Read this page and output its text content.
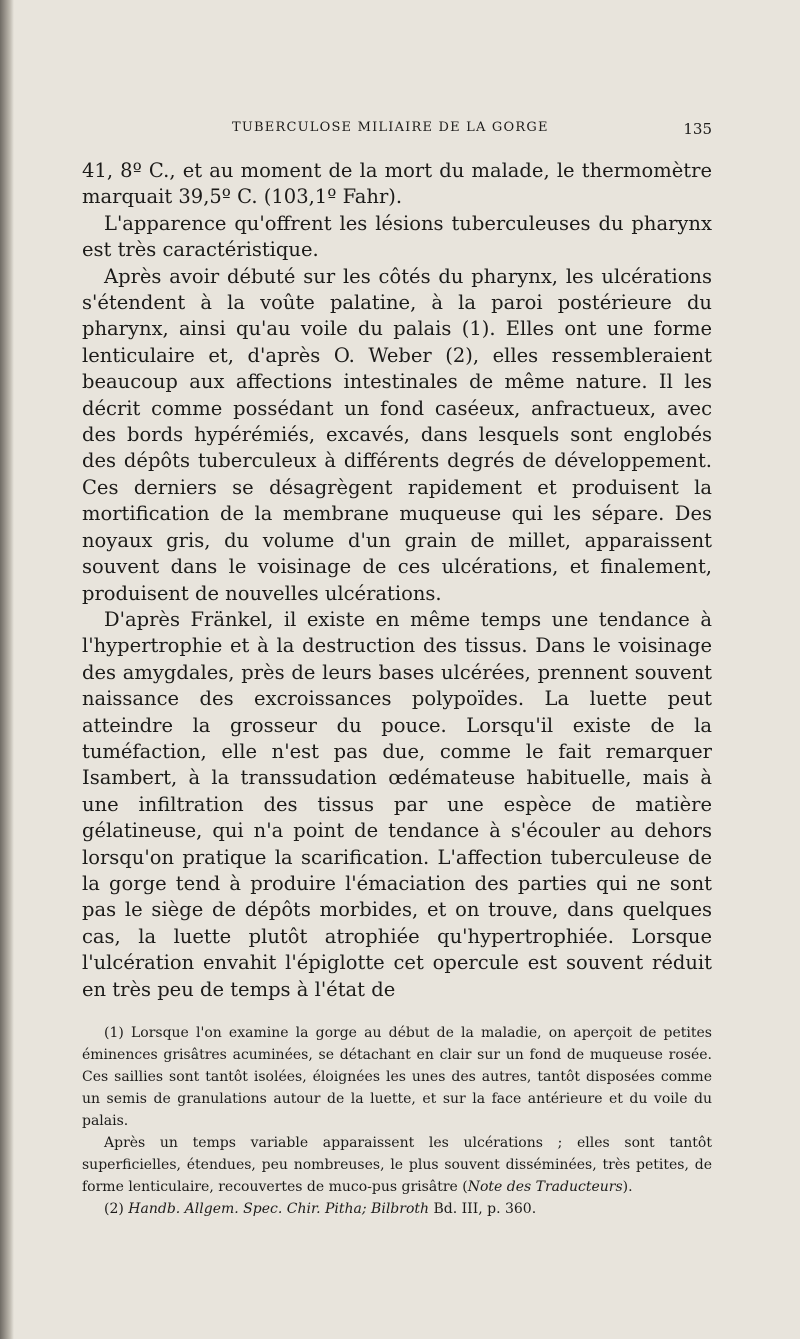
TUBERCULOSE MILIAIRE DE LA GORGE	135

41, 8º C., et au moment de la mort du malade, le thermomètre marquait 39,5º C. (103,1º Fahr).

L'apparence qu'offrent les lésions tuberculeuses du pharynx est très caractéristique.

Après avoir débuté sur les côtés du pharynx, les ulcérations s'étendent à la voûte palatine, à la paroi postérieure du pharynx, ainsi qu'au voile du palais (1). Elles ont une forme lenticulaire et, d'après O. Weber (2), elles ressembleraient beaucoup aux affections intestinales de même nature. Il les décrit comme possédant un fond caséeux, anfractueux, avec des bords hypérémiés, excavés, dans lesquels sont englobés des dépôts tuberculeux à différents degrés de développement. Ces derniers se désagrègent rapidement et produisent la mortification de la membrane muqueuse qui les sépare. Des noyaux gris, du volume d'un grain de millet, apparaissent souvent dans le voisinage de ces ulcérations, et finalement, produisent de nouvelles ulcérations.

D'après Fränkel, il existe en même temps une tendance à l'hypertrophie et à la destruction des tissus. Dans le voisinage des amygdales, près de leurs bases ulcérées, prennent souvent naissance des excroissances polypoïdes. La luette peut atteindre la grosseur du pouce. Lorsqu'il existe de la tuméfaction, elle n'est pas due, comme le fait remarquer Isambert, à la transsudation œdémateuse habituelle, mais à une infiltration des tissus par une espèce de matière gélatineuse, qui n'a point de tendance à s'écouler au dehors lorsqu'on pratique la scarification. L'affection tuberculeuse de la gorge tend à produire l'émaciation des parties qui ne sont pas le siège de dépôts morbides, et on trouve, dans quelques cas, la luette plutôt atrophiée qu'hypertrophiée. Lorsque l'ulcération envahit l'épiglotte cet opercule est souvent réduit en très peu de temps à l'état de

(1) Lorsque l'on examine la gorge au début de la maladie, on aperçoit de petites éminences grisâtres acuminées, se détachant en clair sur un fond de muqueuse rosée. Ces saillies sont tantôt isolées, éloignées les unes des autres, tantôt disposées comme un semis de granulations autour de la luette, et sur la face antérieure et du voile du palais.

Après un temps variable apparaissent les ulcérations ; elles sont tantôt superficielles, étendues, peu nombreuses, le plus souvent disséminées, très petites, de forme lenticulaire, recouvertes de muco-pus grisâtre (Note des Traducteurs).

(2) Handb. Allgem. Spec. Chir. Pitha; Bilbroth Bd. III, p. 360.
